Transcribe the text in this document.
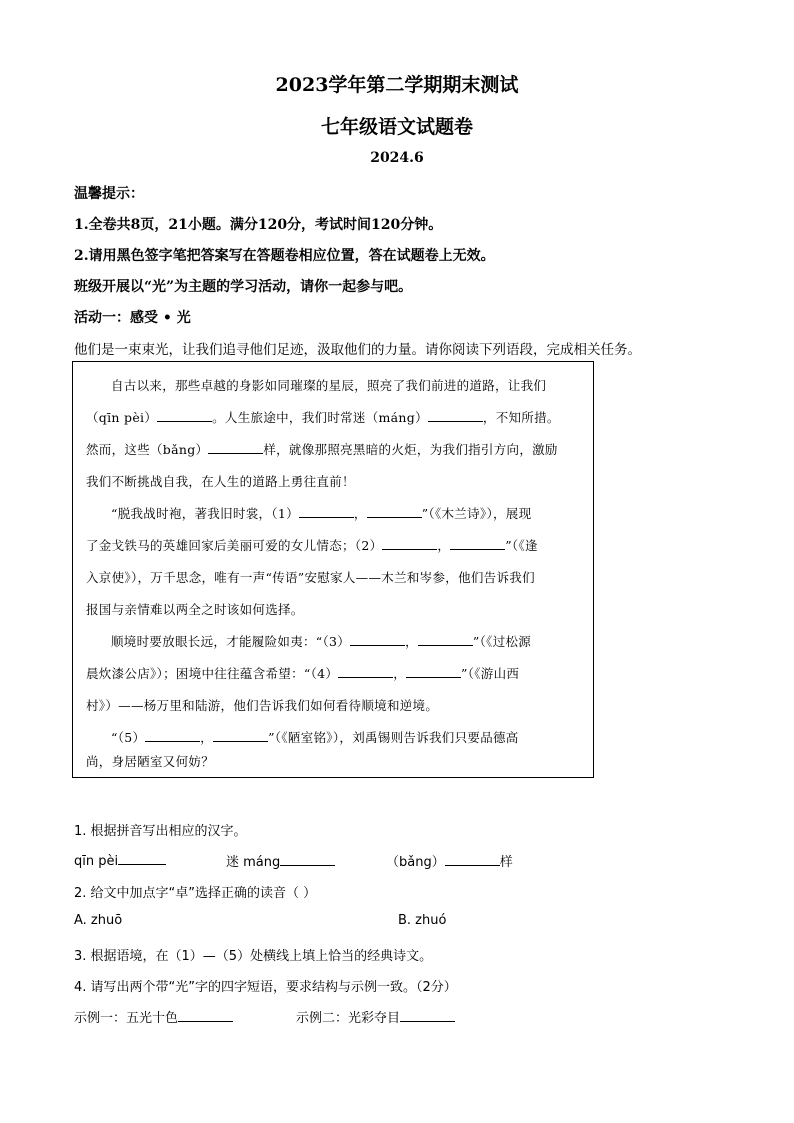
2023学年第二学期期末测试
七年级语文试题卷
2024.6
温馨提示：
1.全卷共8页，21小题。满分120分，考试时间120分钟。
2.请用黑色签字笔把答案写在答题卷相应位置，答在试题卷上无效。
班级开展以“光”为主题的学习活动，请你一起参与吧。
活动一：感受 • 光
他们是一束束光，让我们追寻他们足迹，汲取他们的力量。请你阅读下列语段，完成相关任务。

自古以来，那些卓越的身影如同璀璨的星辰，照亮了我们前进的道路，让我们

（qīn pèi）	。人生旅途中，我们时常迷（máng）	，不知所措。

然而，这些（bǎng）	样，就像那照亮黑暗的火炬，为我们指引方向，激励

我们不断挑战自我，在人生的道路上勇往直前！

“脱我战时袍，著我旧时裳，（1）	，	”（《木兰诗》），展现

了金戈铁马的英雄回家后美丽可爱的女儿情态；（2）	，	”（《逢

入京使》），万千思念，唯有一声“传语”安慰家人——木兰和岑参，他们告诉我们

报国与亲情难以两全之时该如何选择。

顺境时要放眼长远，才能履险如夷：“（3）	，	”（《过松源

晨炊漆公店》）；困境中往往蕴含希望：“（4）	，	”（《游山西

村》）——杨万里和陆游，他们告诉我们如何看待顺境和逆境。

“（5）	，	”（《陋室铭》），刘禹锡则告诉我们只要品德高

尚，身居陋室又何妨？

1. 根据拼音写出相应的汉字。
qīn pèi	迷 máng	（bǎng）	样
2. 给文中加点字“卓”选择正确的读音（ ）
A. zhuō	B. zhuó
3. 根据语境，在（1）—（5）处横线上填上恰当的经典诗文。
4. 请写出两个带“光”字的四字短语，要求结构与示例一致。（2分）
示例一：五光十色	示例二：光彩夺目
